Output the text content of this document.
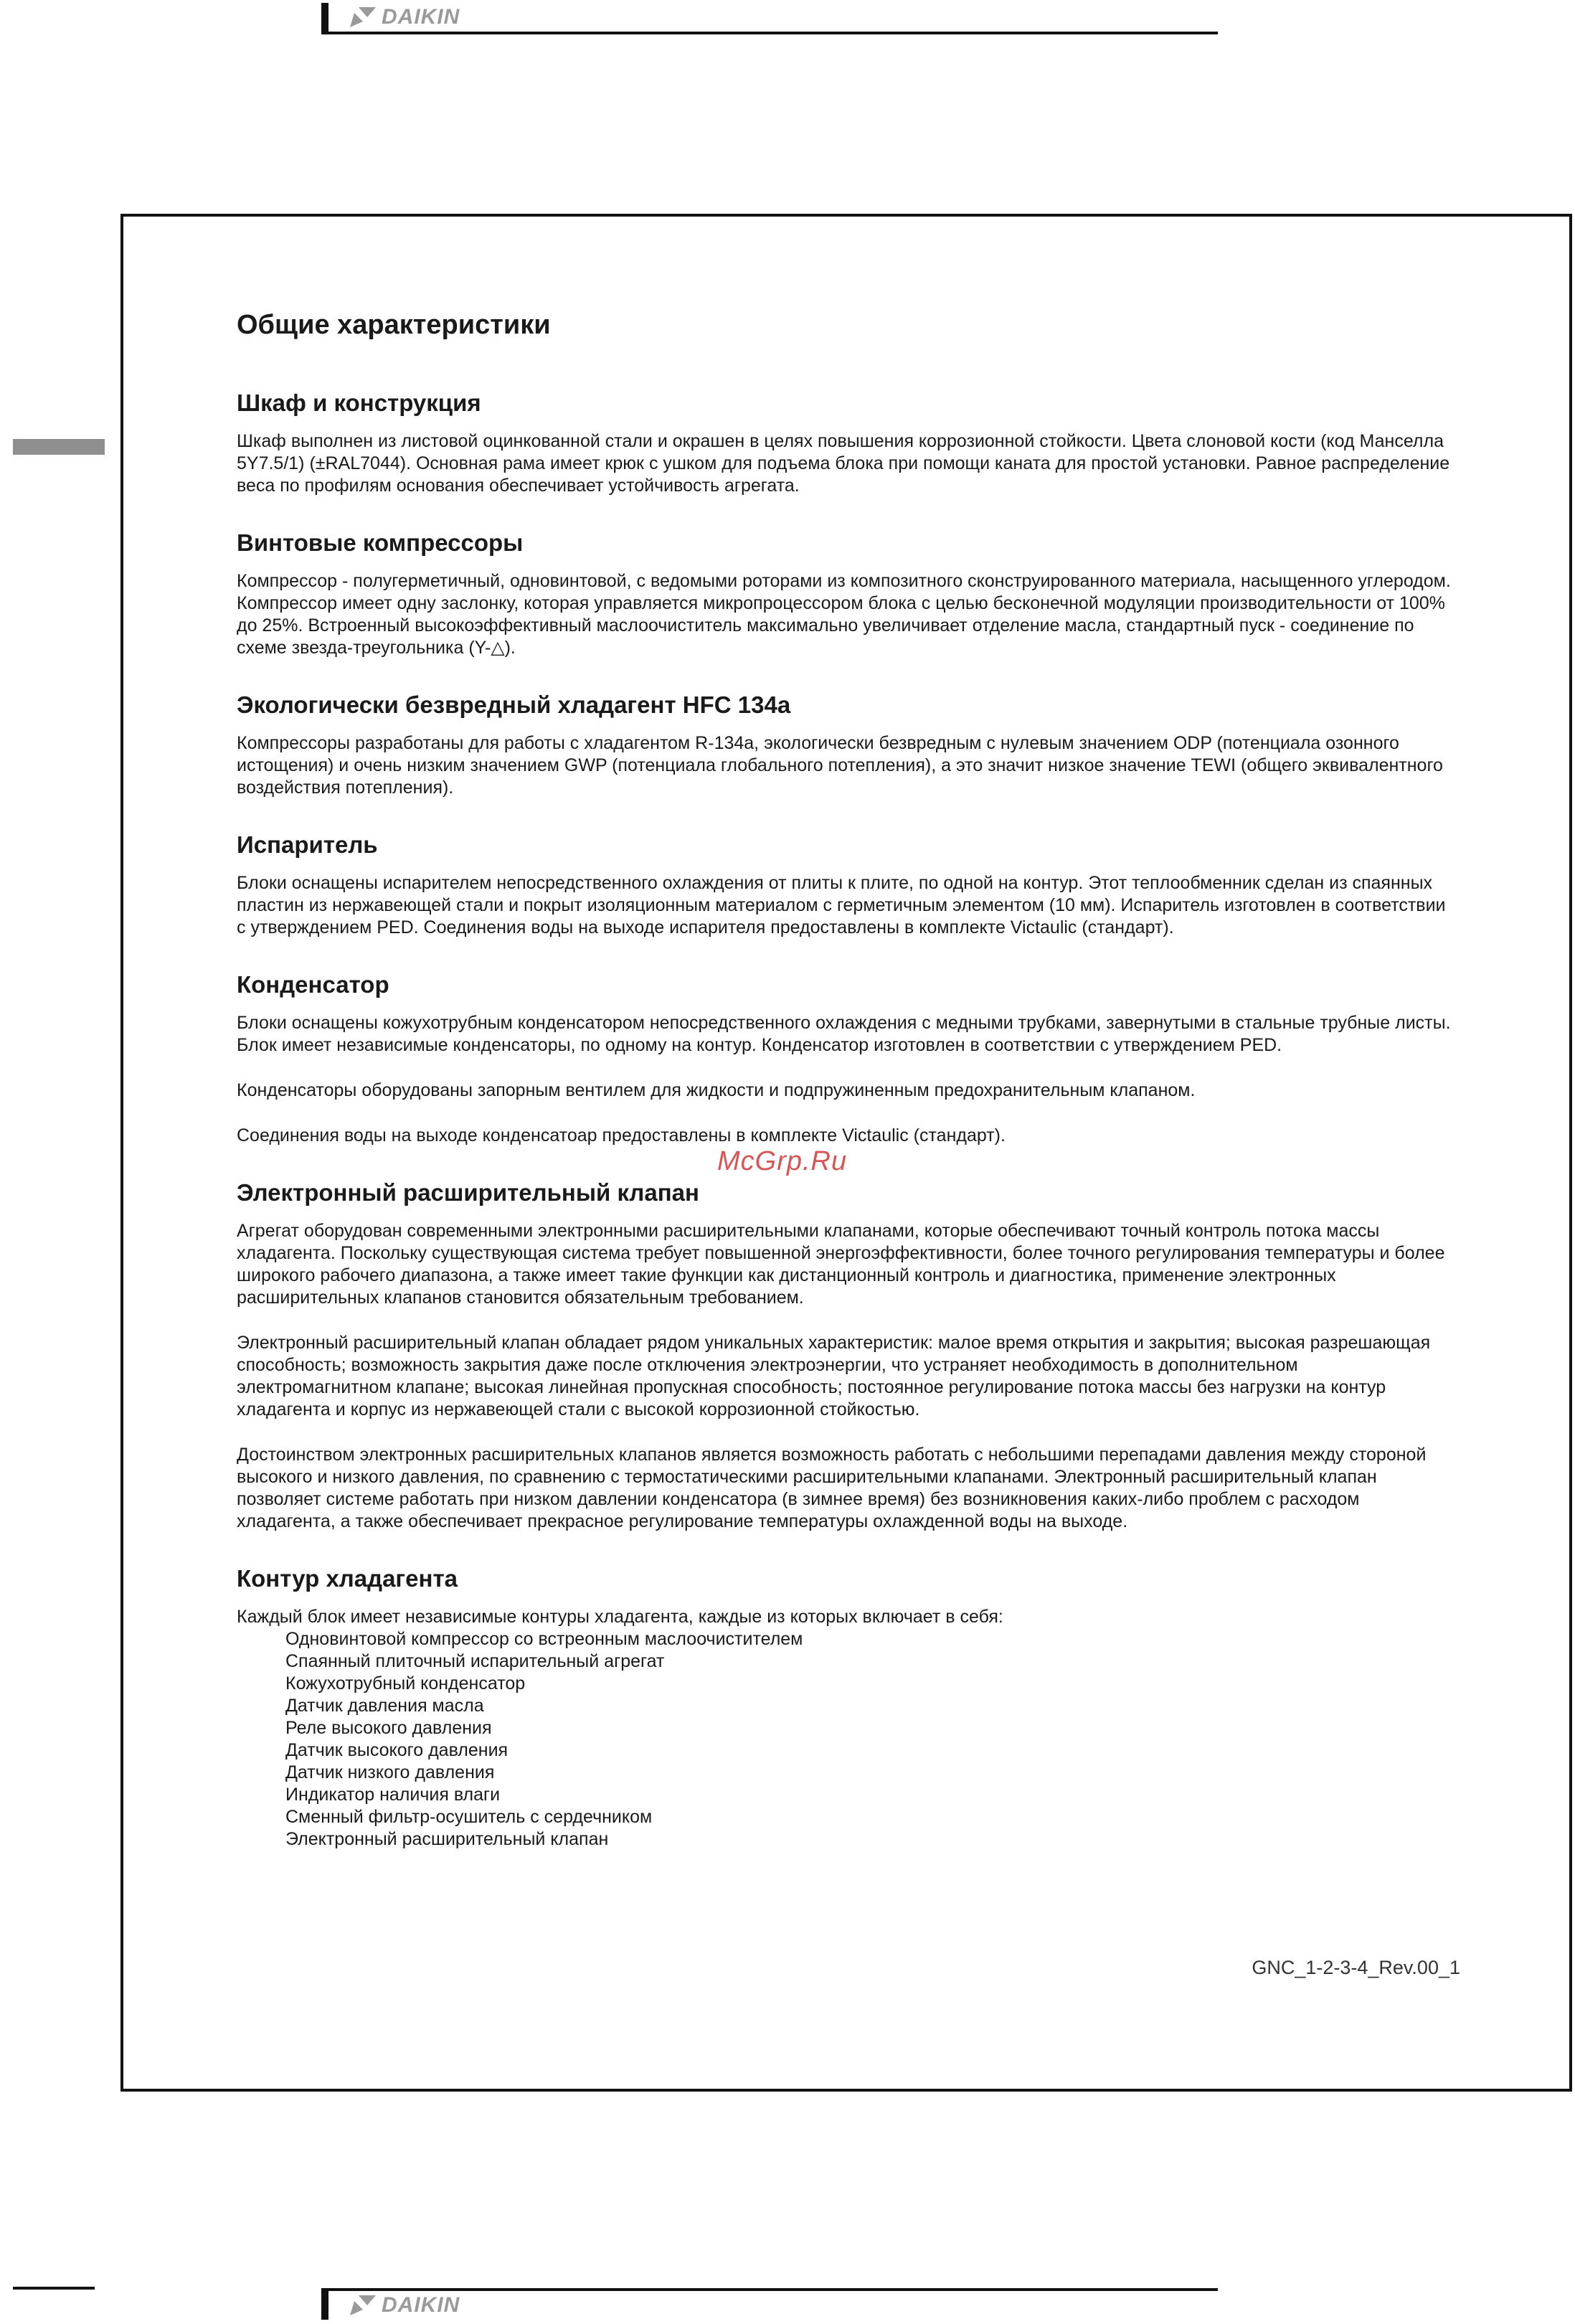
DAIKIN
Общие характеристики
Шкаф и конструкция

Шкаф выполнен из листовой оцинкованной стали и окрашен в целях повышения коррозионной стойкости. Цвета слоновой кости (код Манселла 5Y7.5/1) (±RAL7044). Основная рама имеет крюк с ушком для подъема блока при помощи каната для простой установки. Равное распределение веса по профилям основания обеспечивает устойчивость агрегата.

Винтовые компрессоры

Компрессор - полугерметичный, одновинтовой, с ведомыми роторами из композитного сконструированного материала, насыщенного углеродом. Компрессор имеет одну заслонку, которая управляется микропроцессором блока с целью бесконечной модуляции производительности от 100% до 25%. Встроенный высокоэффективный маслоочиститель максимально увеличивает отделение масла, стандартный пуск - соединение по схеме звезда-треугольника (Y-△).

Экологически безвредный хладагент HFC 134a

Компрессоры разработаны для работы с хладагентом R-134a, экологически безвредным с нулевым значением ODP (потенциала озонного истощения) и очень низким значением GWP (потенциала глобального потепления), а это значит низкое значение TEWI (общего эквивалентного воздействия потепления).

Испаритель

Блоки оснащены испарителем непосредственного охлаждения от плиты к плите, по одной на контур. Этот теплообменник сделан из спаянных пластин из нержавеющей стали и покрыт изоляционным материалом с герметичным элементом (10 мм). Испаритель изготовлен в соответствии с утверждением PED. Соединения воды на выходе испарителя предоставлены в комплекте Victaulic (стандарт).

Конденсатор

Блоки оснащены кожухотрубным конденсатором непосредственного охлаждения с медными трубками, завернутыми в стальные трубные листы. Блок имеет независимые конденсаторы, по одному на контур. Конденсатор изготовлен в соответствии с утверждением PED.

Конденсаторы оборудованы запорным вентилем для жидкости и подпружиненным предохранительным клапаном.

Соединения воды на выходе конденсатоар предоставлены в комплекте Victaulic (стандарт).

Электронный расширительный клапан

Агрегат оборудован современными электронными расширительными клапанами, которые обеспечивают точный контроль потока массы хладагента. Поскольку существующая система требует повышенной энергоэффективности, более точного регулирования температуры и более широкого рабочего диапазона, а также имеет такие функции как дистанционный контроль и диагностика, применение электронных расширительных клапанов становится обязательным требованием.

Электронный расширительный клапан обладает рядом уникальных характеристик: малое время открытия и закрытия; высокая разрешающая способность; возможность закрытия даже после отключения электроэнергии, что устраняет необходимость в дополнительном электромагнитном клапане; высокая линейная пропускная способность; постоянное регулирование потока массы без нагрузки на контур хладагента и корпус из нержавеющей стали с высокой коррозионной стойкостью.

Достоинством электронных расширительных клапанов является возможность работать с небольшими перепадами давления между стороной высокого и низкого давления, по сравнению с термостатическими расширительными клапанами. Электронный расширительный клапан позволяет системе работать при низком давлении конденсатора (в зимнее время) без возникновения каких-либо проблем с расходом хладагента, а также обеспечивает прекрасное регулирование температуры охлажденной воды на выходе.

Контур хладагента

Каждый блок имеет независимые контуры хладагента, каждые из которых включает в себя:

Одновинтовой компрессор со встреонным маслоочистителем
Спаянный плиточный испарительный агрегат
Кожухотрубный конденсатор
Датчик давления масла
Реле высокого давления
Датчик высокого давления
Датчик низкого давления
Индикатор наличия влаги
Сменный фильтр-осушитель с сердечником
Электронный расширительный клапан
GNC_1-2-3-4_Rev.00_1
McGrp.Ru
DAIKIN
